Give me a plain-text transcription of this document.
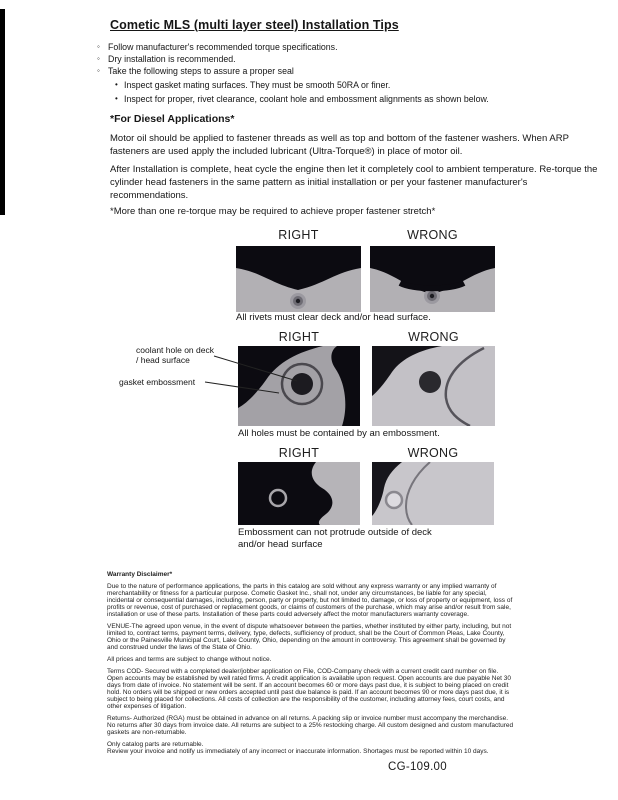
Cometic MLS (multi layer steel) Installation Tips
◦ Follow manufacturer's recommended torque specifications.
◦ Dry installation is recommended.
◦ Take the following steps to assure a proper seal
• Inspect gasket mating surfaces. They must be smooth 50RA or finer.
• Inspect for proper, rivet clearance, coolant hole and embossment alignments as shown below.
*For Diesel Applications*
Motor oil should be applied to fastener threads as well as top and bottom of the fastener washers. When ARP fasteners are used apply the included lubricant (Ultra-Torque®) in place of motor oil.
After Installation is complete, heat cycle the engine then let it completely cool to ambient temperature. Re-torque the cylinder head fasteners in the same pattern as initial installation or per your fastener manufacturer's recommendations.
*More than one re-torque may be required to achieve proper fastener stretch*
RIGHT	WRONG
All rivets must clear deck and/or head surface.
RIGHT	WRONG
coolant hole on deck / head surface
gasket embossment
All holes must be contained by an embossment.
RIGHT	WRONG
Embossment can not protrude outside of deck and/or head surface
Warranty Disclaimer*

Due to the nature of performance applications, the parts in this catalog are sold without any express warranty or any implied warranty of merchantability or fitness for a particular purpose. Cometic Gasket Inc., shall not, under any circumstances, be liable for any special, incidental or consequential damages, including, person, party or property, but not limited to, damage, or loss of property or equipment, loss of profits or revenue, cost of purchased or replacement goods, or claims of customers of the purchase, which may arise and/or result from sale, installation or use of these parts. Installation of these parts could adversely affect the motor manufacturers warranty coverage.

VENUE-The agreed upon venue, in the event of dispute whatsoever between the parties, whether instituted by either party, including, but not limited to, contract terms, payment terms, delivery, type, defects, sufficiency of product, shall be the Court of Common Pleas, Lake County, Ohio or the Painesville Municipal Court, Lake County, Ohio, depending on the amount in controversy. This agreement shall be governed by and construed under the laws of the State of Ohio.

All prices and terms are subject to change without notice.

Terms COD- Secured with a completed dealer/jobber application on File, COD-Company check with a current credit card number on file. Open accounts may be established by well rated firms. A credit application is available upon request. Open accounts are due payable Net 30 days from date of invoice. No statement will be sent. If an account becomes 60 or more days past due, it is subject to being placed on credit hold. No orders will be shipped or new orders accepted until past due balance is paid. If an account becomes 90 or more days past due, it is subject to being placed for collections. All costs of collection are the responsibility of the customer, including attorney fees, court costs, and other expenses of litigation.

Returns- Authorized (RGA) must be obtained in advance on all returns. A packing slip or invoice number must accompany the merchandise. No returns after 30 days from invoice date. All returns are subject to a 25% restocking charge. All custom designed and custom manufactured gaskets are non-returnable.

Only catalog parts are returnable.

Review your invoice and notify us immediately of any incorrect or inaccurate information. Shortages must be reported within 10 days.

CG-109.00
